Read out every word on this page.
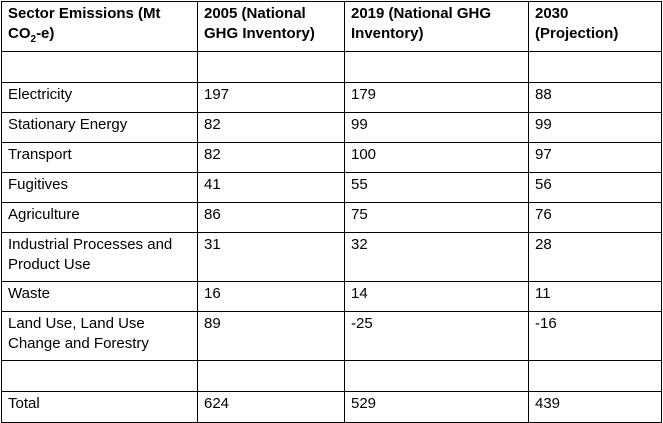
Sector Emissions (Mt $CO_2-e$)	2005 (National GHG Inventory)	2019 (National GHG Inventory)	2030 (Projection)

Electricity	197	179	88
Stationary Energy	82	99	99
Transport	82	100	97
Fugitives	41	55	56
Agriculture	86	75	76
Industrial Processes and Product Use	31	32	28
Waste	16	14	11
Land Use, Land Use Change and Forestry	89	-25	-16

Total	624	529	439
